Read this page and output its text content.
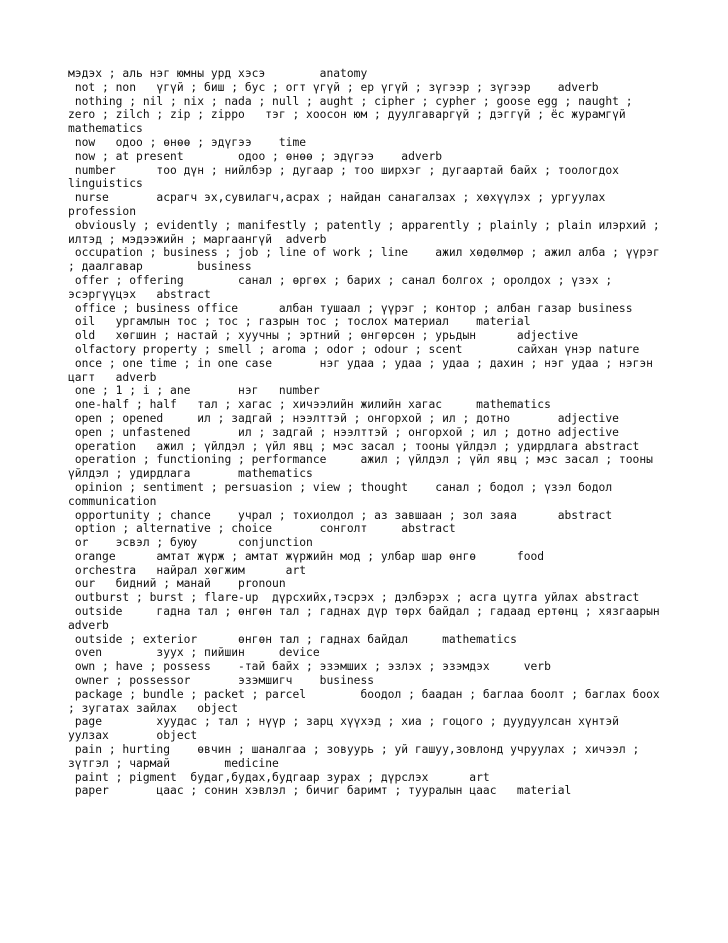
мэдэх ; аль нэг юмны урд хэсэ        anatomy

not ; non   үгүй ; биш ; бус ; огт үгүй ; ер үгүй ; зүгээр ; зүгээр    adverb

nothing ; nil ; nix ; nada ; null ; aught ; cipher ; cypher ; goose egg ; naught ; zero ; zilch ; zip ; zippo   тэг ; хоосон юм ; дуулгаваргүй ; дэггүй ; ёс журамгүй     mathematics

now   одоо ; өнөө ; эдүгээ    time

now ; at present        одоо ; өнөө ; эдүгээ    adverb

number      тоо дүн ; нийлбэр ; дугаар ; тоо ширхэг ; дугаартай байх ; тоологдох linguistics

nurse       асрагч эх,сувилагч,асрах ; найдан санагалзах ; хөхүүлэх ; ургуулах profession

obviously ; evidently ; manifestly ; patently ; apparently ; plainly ; plain илэрхий ; илтэд ; мэдээжийн ; маргаангүй  adverb

occupation ; business ; job ; line of work ; line    ажил хөдөлмөр ; ажил алба ; үүрэг ; даалгавар        business

offer ; offering        санал ; өргөх ; барих ; санал болгох ; оролдох ; үзэх ; эсэргүүцэх   abstract

office ; business office      албан тушаал ; үүрэг ; контор ; албан газар business

oil   ургамлын тос ; тос ; газрын тос ; тослох материал    material

old   хөгшин ; настай ; хуучны ; эртний ; өнгөрсөн ; урьдын      adjective

olfactory property ; smell ; aroma ; odor ; odour ; scent        сайхан үнэр nature

once ; one time ; in one case       нэг удаа ; удаа ; удаа ; дахин ; нэг удаа ; нэгэн цагт   adverb

one ; 1 ; i ; ane       нэг   number

one-half ; half   тал ; хагас ; хичээлийн жилийн хагас     mathematics

open ; opened     ил ; задгай ; нээлттэй ; онгорхой ; ил ; дотно       adjective

open ; unfastened       ил ; задгай ; нээлттэй ; онгорхой ; ил ; дотно adjective

operation   ажил ; үйлдэл ; үйл явц ; мэс засал ; тооны үйлдэл ; удирдлага abstract

operation ; functioning ; performance     ажил ; үйлдэл ; үйл явц ; мэс засал ; тооны үйлдэл ; удирдлага       mathematics

opinion ; sentiment ; persuasion ; view ; thought    санал ; бодол ; үзэл бодол communication

opportunity ; chance    учрал ; тохиолдол ; аз завшаан ; зол заяа      abstract

option ; alternative ; choice       сонголт     abstract

or    эсвэл ; буюу      conjunction

orange      амтат жүрж ; амтат жүржийн мод ; улбар шар өнгө      food

orchestra   найрал хөгжим      art

our   бидний ; манай    pronoun

outburst ; burst ; flare-up  дүрсхийх,тэсрэх ; дэлбэрэх ; асга цутга уйлах abstract

outside     гадна тал ; өнгөн тал ; гаднах дүр төрх байдал ; гадаад ертөнц ; хязгаарын    adverb

outside ; exterior      өнгөн тал ; гаднах байдал     mathematics

oven        зуух ; пийшин     device

own ; have ; possess    -тай байх ; эзэмших ; эзлэх ; эзэмдэх     verb

owner ; possessor       эзэмшигч    business

package ; bundle ; packet ; parcel        боодол ; баадан ; баглаа боолт ; баглах боох ; зугатах зайлах   object

page        хуудас ; тал ; нүүр ; зарц хүүхэд ; хиа ; гоцого ; дуудуулсан хүнтэй уулзах       object

pain ; hurting    өвчин ; шаналгаа ; зовуурь ; уй гашуу,зовлонд учруулах ; хичээл ; зүтгэл ; чармай        medicine

paint ; pigment  будаг,будах,будгаар зурах ; дүрслэх      art

paper       цаас ; сонин хэвлэл ; бичиг баримт ; тууралын цаас   material
